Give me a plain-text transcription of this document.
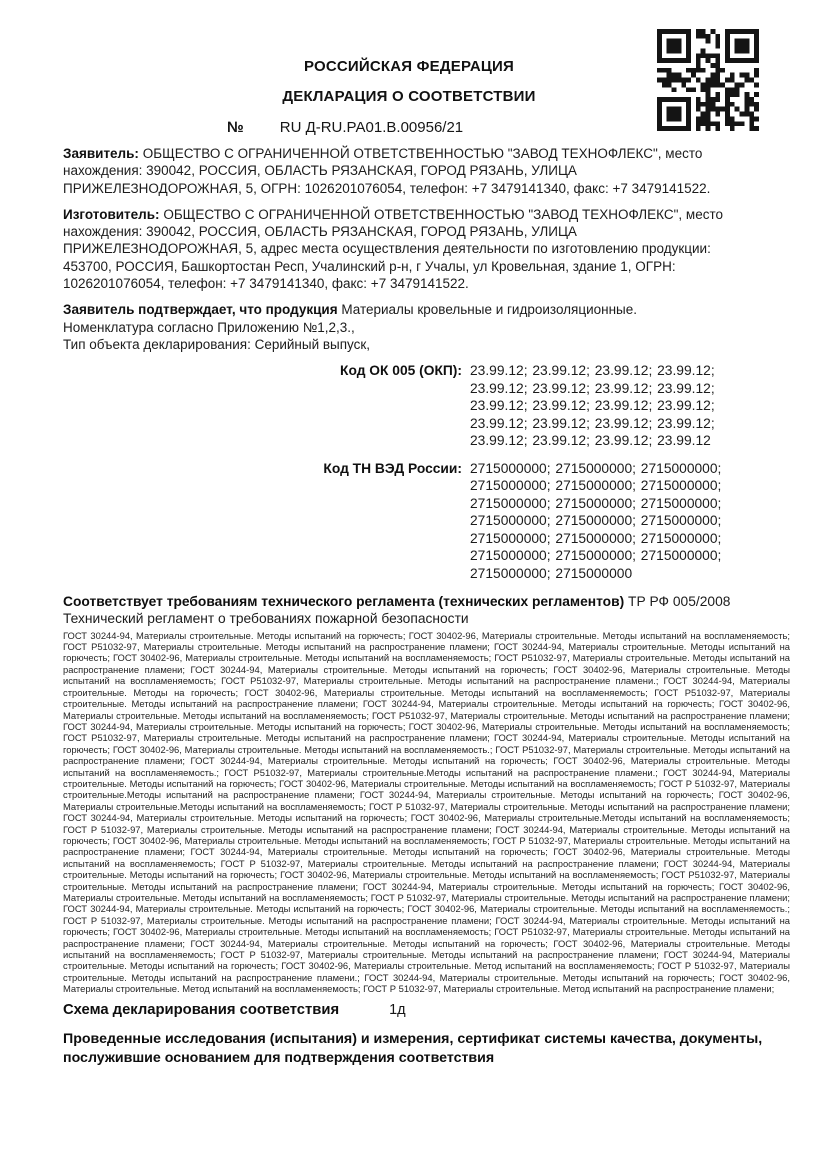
РОССИЙСКАЯ ФЕДЕРАЦИЯ
ДЕКЛАРАЦИЯ О СООТВЕТСТВИИ
№ RU Д-RU.РА01.В.00956/21

Заявитель: ОБЩЕСТВО С ОГРАНИЧЕННОЙ ОТВЕТСТВЕННОСТЬЮ "ЗАВОД ТЕХНОФЛЕКС", место нахождения: 390042, РОССИЯ, ОБЛАСТЬ РЯЗАНСКАЯ, ГОРОД РЯЗАНЬ, УЛИЦА ПРИЖЕЛЕЗНОДОРОЖНАЯ, 5, ОГРН: 1026201076054, телефон: +7 3479141340, факс: +7 3479141522.

Изготовитель: ОБЩЕСТВО С ОГРАНИЧЕННОЙ ОТВЕТСТВЕННОСТЬЮ "ЗАВОД ТЕХНОФЛЕКС", место нахождения: 390042, РОССИЯ, ОБЛАСТЬ РЯЗАНСКАЯ, ГОРОД РЯЗАНЬ, УЛИЦА ПРИЖЕЛЕЗНОДОРОЖНАЯ, 5, адрес места осуществления деятельности по изготовлению продукции: 453700, РОССИЯ, Башкортостан Респ, Учалинский р-н, г Учалы, ул Кровельная, здание 1, ОГРН: 1026201076054, телефон: +7 3479141340, факс: +7 3479141522.

Заявитель подтверждает, что продукция Материалы кровельные и гидроизоляционные.

Номенклатура согласно Приложению №1,2,3.,
Тип объекта декларирования: Серийный выпуск,
Код ОК 005 (ОКП): 23.99.12; 23.99.12; 23.99.12; 23.99.12; 23.99.12; 23.99.12; 23.99.12; 23.99.12; 23.99.12; 23.99.12; 23.99.12; 23.99.12; 23.99.12; 23.99.12; 23.99.12; 23.99.12; 23.99.12; 23.99.12; 23.99.12; 23.99.12
Код ТН ВЭД России: 2715000000; 2715000000; 2715000000; 2715000000; 2715000000; 2715000000; 2715000000; 2715000000; 2715000000; 2715000000; 2715000000; 2715000000; 2715000000; 2715000000; 2715000000; 2715000000; 2715000000; 2715000000; 2715000000; 2715000000

Соответствует требованиям технического регламента (технических регламентов) ТР РФ 005/2008 Технический регламент о требованиях пожарной безопасности

ГОСТ 30244-94, Материалы строительные. Методы испытаний на горючесть; ГОСТ 30402-96, Материалы строительные. Методы испытаний на воспламеняемость; ГОСТ Р51032-97, Материалы строительные. Методы испытаний на распространение пламени; ГОСТ 30244-94, Материалы строительные. Методы испытаний на горючесть; ГОСТ 30402-96, Материалы строительные. Методы испытаний на воспламеняемость; ГОСТ Р51032-97, Материалы строительные. Методы испытаний на распространение пламени; ГОСТ 30244-94, Материалы строительные. Методы испытаний на горючесть; ГОСТ 30402-96, Материалы строительные. Методы испытаний на воспламеняемость; ГОСТ Р51032-97, Материалы строительные. Методы испытаний на распространение пламени.; ГОСТ 30244-94, Материалы строительные. Методы на горючесть; ГОСТ 30402-96, Материалы строительные. Методы испытаний на воспламеняемость; ГОСТ Р51032-97, Материалы строительные. Методы испытаний на распространение пламени; ГОСТ 30244-94, Материалы строительные. Методы испытаний на горючесть; ГОСТ 30402-96, Материалы строительные. Методы испытаний на воспламеняемость; ГОСТ Р51032-97, Материалы строительные. Методы испытаний на распространение пламени; ГОСТ 30244-94, Материалы строительные. Методы испытаний на горючесть; ГОСТ 30402-96, Материалы строительные. Методы испытаний на воспламеняемость; ГОСТ Р51032-97, Материалы строительные. Методы испытаний на распространение пламени; ГОСТ 30244-94, Материалы строительные. Методы испытаний на горючесть; ГОСТ 30402-96, Материалы строительные. Методы испытаний на воспламеняемость.; ГОСТ Р51032-97, Материалы строительные. Методы испытаний на распространение пламени; ГОСТ 30244-94, Материалы строительные. Методы испытаний на горючесть; ГОСТ 30402-96, Материалы строительные. Методы испытаний на воспламеняемость.; ГОСТ Р51032-97, Материалы строительные.Методы испытаний на распространение пламени.; ГОСТ 30244-94, Материалы строительные. Методы испытаний на горючесть; ГОСТ 30402-96, Материалы строительные. Методы испытаний на воспламеняемость; ГОСТ Р 51032-97, Материалы строительные.Методы испытаний на распространение пламени; ГОСТ 30244-94, Материалы строительные. Методы испытаний на горючесть; ГОСТ 30402-96, Материалы строительные.Методы испытаний на воспламеняемость; ГОСТ Р 51032-97, Материалы строительные. Методы испытаний на распространение пламени; ГОСТ 30244-94, Материалы строительные. Методы испытаний на горючесть; ГОСТ 30402-96, Материалы строительные.Методы испытаний на воспламеняемость; ГОСТ Р 51032-97, Материалы строительные. Методы испытаний на распространение пламени; ГОСТ 30244-94, Материалы строительные. Методы испытаний на горючесть; ГОСТ 30402-96, Материалы строительные. Методы испытаний на воспламеняемость; ГОСТ Р 51032-97, Материалы строительные. Методы испытаний на распространение пламени; ГОСТ 30244-94, Материалы строительные. Методы испытаний на горючесть; ГОСТ 30402-96, Материалы строительные. Методы испытаний на воспламеняемость; ГОСТ Р 51032-97, Материалы строительные. Методы испытаний на распространение пламени; ГОСТ 30244-94, Материалы строительные. Методы испытаний на горючесть; ГОСТ 30402-96, Материалы строительные. Методы испытаний на воспламеняемость; ГОСТ Р51032-97, Материалы строительные. Методы испытаний на распространение пламени; ГОСТ 30244-94, Материалы строительные. Методы испытаний на горючесть; ГОСТ 30402-96, Материалы строительные. Методы испытаний на воспламеняемость; ГОСТ Р 51032-97, Материалы строительные. Методы испытаний на распространение пламени; ГОСТ 30244-94, Материалы строительные. Методы испытаний на горючесть; ГОСТ 30402-96, Материалы строительные. Методы испытаний на воспламеняемость.; ГОСТ Р 51032-97, Материалы строительные. Методы испытаний на распространение пламени; ГОСТ 30244-94, Материалы строительные. Методы испытаний на горючесть; ГОСТ 30402-96, Материалы строительные. Методы испытаний на воспламеняемость; ГОСТ Р51032-97, Материалы строительные. Методы испытаний на распространение пламени; ГОСТ 30244-94, Материалы строительные. Методы испытаний на горючесть; ГОСТ 30402-96, Материалы строительные. Методы испытаний на воспламеняемость; ГОСТ Р 51032-97, Материалы строительные. Методы испытаний на распространение пламени; ГОСТ 30244-94, Материалы строительные. Методы испытаний на горючесть; ГОСТ 30402-96, Материалы строительные. Метод испытаний на воспламеняемость; ГОСТ Р 51032-97, Материалы строительные. Методы испытаний на распространение пламени.; ГОСТ 30244-94, Материалы строительные. Методы испытаний на горючесть; ГОСТ 30402-96, Материалы строительные. Метод испытаний на воспламеняемость; ГОСТ Р 51032-97, Материалы строительные. Метод испытаний на распространение пламени;
Схема декларирования соответствия	1д

Проведенные исследования (испытания) и измерения, сертификат системы качества, документы, послужившие основанием для подтверждения соответствия
